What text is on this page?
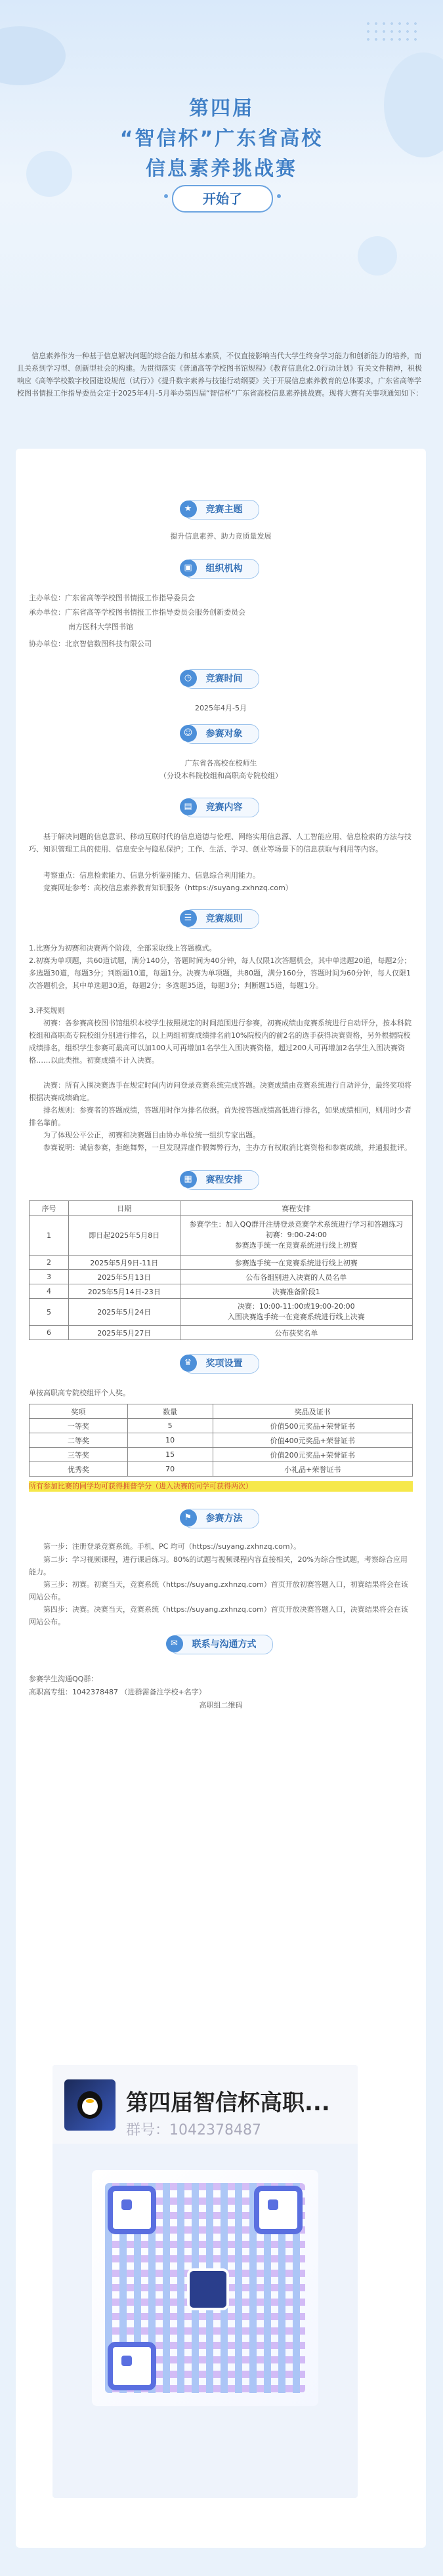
第四届
“智信杯”广东省高校
信息素养挑战赛
开始了
信息素养作为一种基于信息解决问题的综合能力和基本素质，不仅直接影响当代大学生终身学习能力和创新能力的培养，而且关系到学习型、创新型社会的构建。为贯彻落实《普通高等学校图书馆规程》《教育信息化2.0行动计划》有关文件精神，积极响应《高等学校数字校园建设规范（试行）》《提升数字素养与技能行动纲要》关于开展信息素养教育的总体要求，广东省高等学校图书情报工作指导委员会定于2025年4月-5月举办第四届“智信杯”广东省高校信息素养挑战赛。现将大赛有关事项通知如下：
★	竞赛主题
提升信息素养、助力竞质量发展
▣	组织机构
主办单位：广东省高等学校图书情报工作指导委员会
承办单位：广东省高等学校图书情报工作指导委员会服务创新委员会
南方医科大学图书馆
协办单位：北京智信数图科技有限公司
◷	竞赛时间
2025年4月-5月
☺	参赛对象
广东省各高校在校师生
（分设本科院校组和高职高专院校组）
▤	竞赛内容
基于解决问题的信息意识、移动互联时代的信息道德与伦理、网络实用信息源、人工智能应用、信息检索的方法与技巧、知识管理工具的使用、信息安全与隐私保护；工作、生活、学习、创业等场景下的信息获取与利用等内容。
考察重点：信息检索能力、信息分析鉴别能力、信息综合利用能力。
竞赛网址参考：高校信息素养教育知识服务（https://suyang.zxhnzq.com）
☰	竞赛规则
1.比赛分为初赛和决赛两个阶段，全部采取线上答题模式。
2.初赛为单项题，共60道试题，满分140分，答题时间为40分钟，每人仅限1次答题机会，其中单选题20道，每题2分；多选题30道，每题3分；判断题10道，每题1分。决赛为单项题，共80题，满分160分，答题时间为60分钟，每人仅限1次答题机会，其中单选题30道，每题2分；多选题35道，每题3分；判断题15道，每题1分。
3.评奖规则
初赛：各参赛高校图书馆组织本校学生按照规定的时间范围进行参赛，初赛成绩由竞赛系统进行自动评分，按本科院校组和高职高专院校组分别进行排名，以上两组初赛成绩排名前10%院校内的前2名的选手获得决赛资格，另外根据院校成绩排名，组织学生参赛可最高可以加100人可再增加1名学生入围决赛资格，超过200人可再增加2名学生入围决赛资格……以此类推。初赛成绩不计入决赛。
决赛：所有入围决赛选手在规定时间内访问登录竞赛系统完成答题。决赛成绩由竞赛系统进行自动评分，最终奖项将根据决赛成绩确定。
排名规则：参赛者的答题成绩，答题用时作为排名依据。首先按答题成绩高低进行排名，如果成绩相同，则用时少者排名靠前。
为了体现公平公正，初赛和决赛题目由协办单位统一组织专家出题。
参赛说明：诚信参赛，拒绝舞弊，一旦发现弄虚作假舞弊行为，主办方有权取消比赛资格和参赛成绩，并通报批评。
▦	赛程安排
序号	日期	赛程安排
1	即日起2025年5月8日	参赛学生：加入QQ群开注册登录竞赛学术系统进行学习和答题练习
初赛：9:00-24:00
参赛选手统一在竞赛系统进行线上初赛

2	2025年5月9日-11日	参赛选手统一在竞赛系统进行线上初赛
3	2025年5月13日	公布各组别进入决赛的人员名单
4	2025年5月14日-23日	决赛准备阶段1
5	2025年5月24日	决赛：10:00-11:00或19:00-20:00
入围决赛选手统一在竞赛系统进行线上决赛

6	2025年5月27日	公布获奖名单
♛	奖项设置
单按高职高专院校组评个人奖。
奖项	数量	奖品及证书
一等奖	5	价值500元奖品+荣誉证书
二等奖	10	价值400元奖品+荣誉证书
三等奖	15	价值200元奖品+荣誉证书
优秀奖	70	小礼品+荣誉证书
所有参加比赛的同学均可获得拥普学分（进入决赛的同学可获得两次）
⚑	参赛方法
第一步：注册登录竞赛系统。手机、PC 均可（https://suyang.zxhnzq.com）。
第二步：学习视频课程，进行课后练习。80%的试题与视频课程内容直接相关，20%为综合性试题，考察综合应用能力。
第三步：初赛。初赛当天，竞赛系统（https://suyang.zxhnzq.com）首页开放初赛答题入口，初赛结果将会在该网站公布。
第四步：决赛。决赛当天，竞赛系统（https://suyang.zxhnzq.com）首页开放决赛答题入口，决赛结果将会在该网站公布。
✉	联系与沟通方式
参赛学生沟通QQ群：
高职高专组：1042378487 （进群需备注学校+名字）
高职组二维码
第四届智信杯高职...
群号：1042378487
